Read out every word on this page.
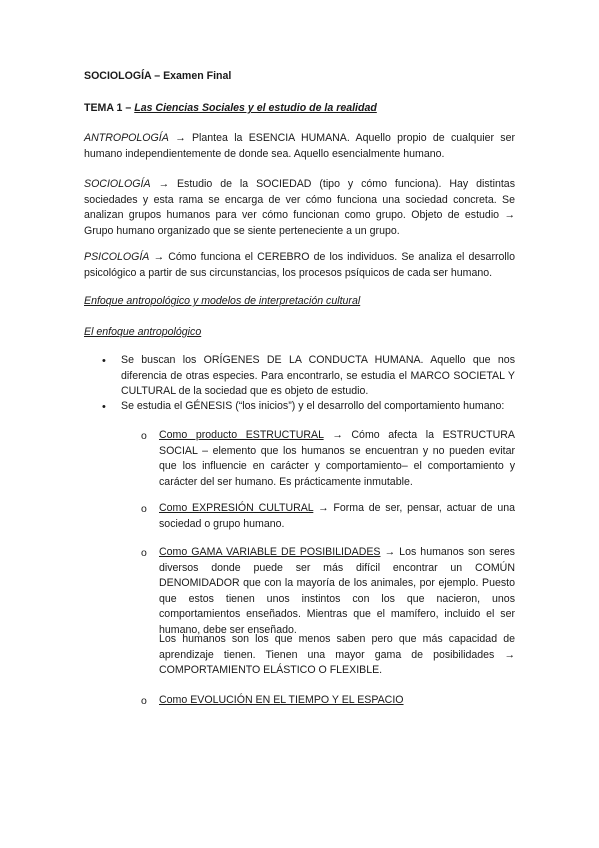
SOCIOLOGÍA – Examen Final
TEMA 1 – Las Ciencias Sociales y el estudio de la realidad
ANTROPOLOGÍA → Plantea la ESENCIA HUMANA. Aquello propio de cualquier ser humano independientemente de donde sea. Aquello esencialmente humano.
SOCIOLOGÍA → Estudio de la SOCIEDAD (tipo y cómo funciona). Hay distintas sociedades y esta rama se encarga de ver cómo funciona una sociedad concreta. Se analizan grupos humanos para ver cómo funcionan como grupo. Objeto de estudio → Grupo humano organizado que se siente perteneciente a un grupo.
PSICOLOGÍA → Cómo funciona el CEREBRO de los individuos. Se analiza el desarrollo psicológico a partir de sus circunstancias, los procesos psíquicos de cada ser humano.
Enfoque antropológico y modelos de interpretación cultural
El enfoque antropológico
• Se buscan los ORÍGENES DE LA CONDUCTA HUMANA. Aquello que nos diferencia de otras especies. Para encontrarlo, se estudia el MARCO SOCIETAL Y CULTURAL de la sociedad que es objeto de estudio.
• Se estudia el GÉNESIS (“los inicios”) y el desarrollo del comportamiento humano:
o Como producto ESTRUCTURAL → Cómo afecta la ESTRUCTURA SOCIAL – elemento que los humanos se encuentran y no pueden evitar que los influencie en carácter y comportamiento– el comportamiento y carácter del ser humano. Es prácticamente inmutable.
o Como EXPRESIÓN CULTURAL → Forma de ser, pensar, actuar de una sociedad o grupo humano.
o Como GAMA VARIABLE DE POSIBILIDADES → Los humanos son seres diversos donde puede ser más difícil encontrar un COMÚN DENOMIDADOR que con la mayoría de los animales, por ejemplo. Puesto que estos tienen unos instintos con los que nacieron, unos comportamientos enseñados. Mientras que el mamífero, incluido el ser humano, debe ser enseñado.
Los humanos son los que menos saben pero que más capacidad de aprendizaje tienen. Tienen una mayor gama de posibilidades → COMPORTAMIENTO ELÁSTICO O FLEXIBLE.
o Como EVOLUCIÓN EN EL TIEMPO Y EL ESPACIO
